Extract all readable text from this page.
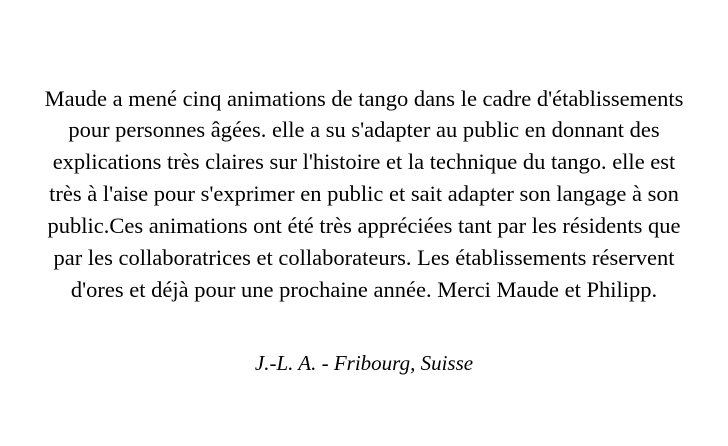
Maude a mené cinq animations de tango dans le cadre d'établissements pour personnes âgées. elle a su s'adapter au public en donnant des explications très claires sur l'histoire et la technique du tango. elle est très à l'aise pour s'exprimer en public et sait adapter son langage à son public.Ces animations ont été très appréciées tant par les résidents que par les collaboratrices et collaborateurs. Les établissements réservent d'ores et déjà pour une prochaine année. Merci Maude et Philipp.

J.-L. A. - Fribourg, Suisse
